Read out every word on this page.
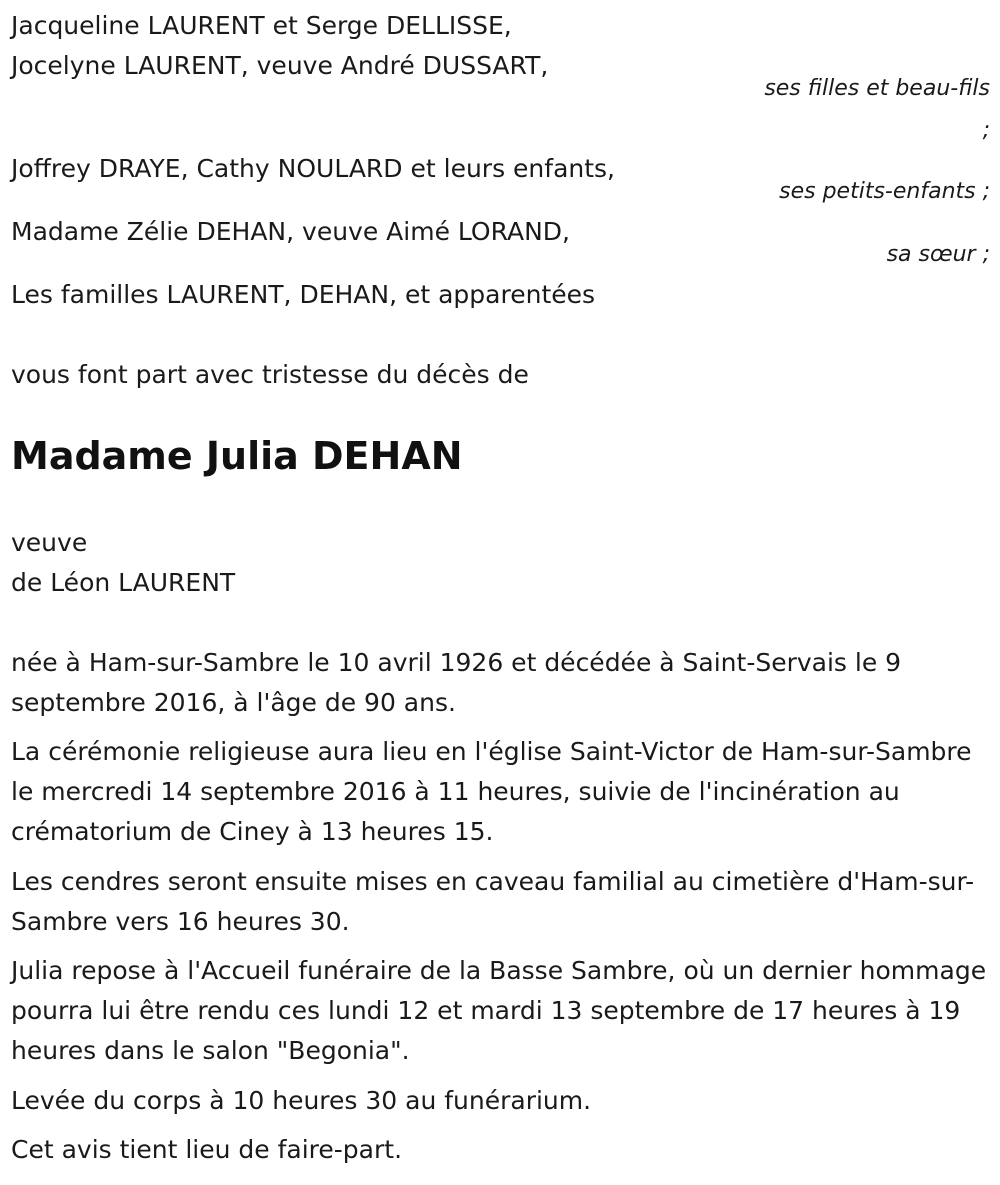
Jacqueline LAURENT et Serge DELLISSE,
Jocelyne LAURENT, veuve André DUSSART,
ses filles et beau-fils
;
Joffrey DRAYE, Cathy NOULARD et leurs enfants,
ses petits-enfants ;
Madame Zélie DEHAN, veuve Aimé LORAND,
sa sœur ;
Les familles LAURENT, DEHAN, et apparentées
vous font part avec tristesse du décès de
Madame Julia DEHAN
veuve
de Léon LAURENT
née à Ham-sur-Sambre le 10 avril 1926 et décédée à Saint-Servais le 9 septembre 2016, à l'âge de 90 ans.
La cérémonie religieuse aura lieu en l'église Saint-Victor de Ham-sur-Sambre le mercredi 14 septembre 2016 à 11 heures, suivie de l'incinération au crématorium de Ciney à 13 heures 15.
Les cendres seront ensuite mises en caveau familial au cimetière d'Ham-sur-Sambre vers 16 heures 30.
Julia repose à l'Accueil funéraire de la Basse Sambre, où un dernier hommage pourra lui être rendu ces lundi 12 et mardi 13 septembre de 17 heures à 19 heures dans le salon "Begonia".
Levée du corps à 10 heures 30 au funérarium.
Cet avis tient lieu de faire-part.
